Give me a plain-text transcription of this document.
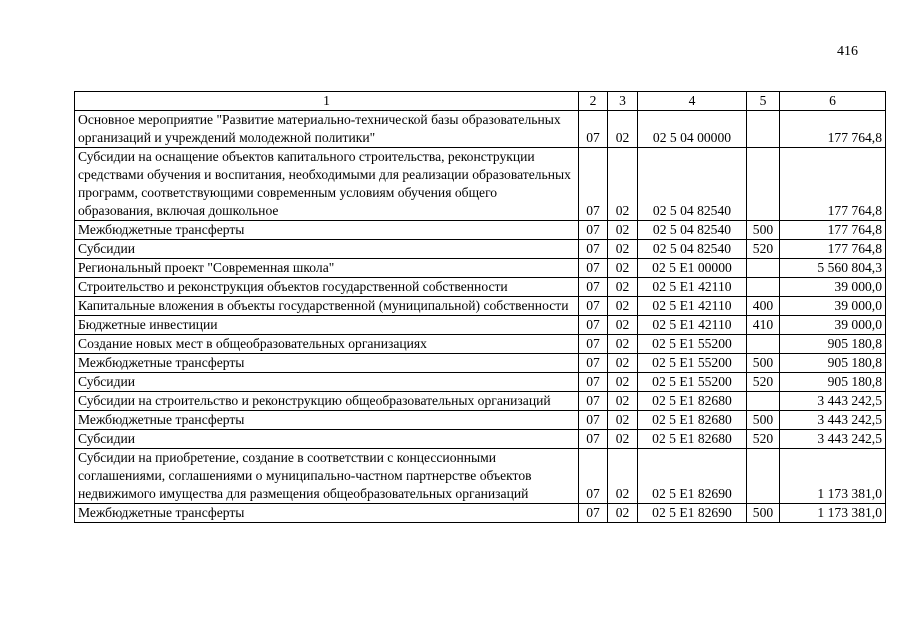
416
1	2	3	4	5	6
Основное мероприятие "Развитие материально-технической базы образовательных организаций и учреждений молодежной политики"	07	02	02 5 04 00000		177 764,8
Субсидии на оснащение объектов капитального строительства, реконструкции средствами обучения и воспитания, необходимыми для реализации образовательных программ, соответствующими современным условиям обучения общего образования, включая дошкольное	07	02	02 5 04 82540		177 764,8
Межбюджетные трансферты	07	02	02 5 04 82540	500	177 764,8
Субсидии	07	02	02 5 04 82540	520	177 764,8
Региональный проект "Современная школа"	07	02	02 5 E1 00000		5 560 804,3
Строительство и реконструкция объектов государственной собственности	07	02	02 5 E1 42110		39 000,0
Капитальные вложения в объекты государственной (муниципальной) собственности	07	02	02 5 E1 42110	400	39 000,0
Бюджетные инвестиции	07	02	02 5 E1 42110	410	39 000,0
Создание новых мест в общеобразовательных организациях	07	02	02 5 E1 55200		905 180,8
Межбюджетные трансферты	07	02	02 5 E1 55200	500	905 180,8
Субсидии	07	02	02 5 E1 55200	520	905 180,8
Субсидии на строительство и реконструкцию общеобразовательных организаций	07	02	02 5 E1 82680		3 443 242,5
Межбюджетные трансферты	07	02	02 5 E1 82680	500	3 443 242,5
Субсидии	07	02	02 5 E1 82680	520	3 443 242,5
Субсидии на приобретение, создание в соответствии с концессионными соглашениями, соглашениями о муниципально-частном партнерстве объектов недвижимого имущества для размещения общеобразовательных организаций	07	02	02 5 E1 82690		1 173 381,0
Межбюджетные трансферты	07	02	02 5 E1 82690	500	1 173 381,0
